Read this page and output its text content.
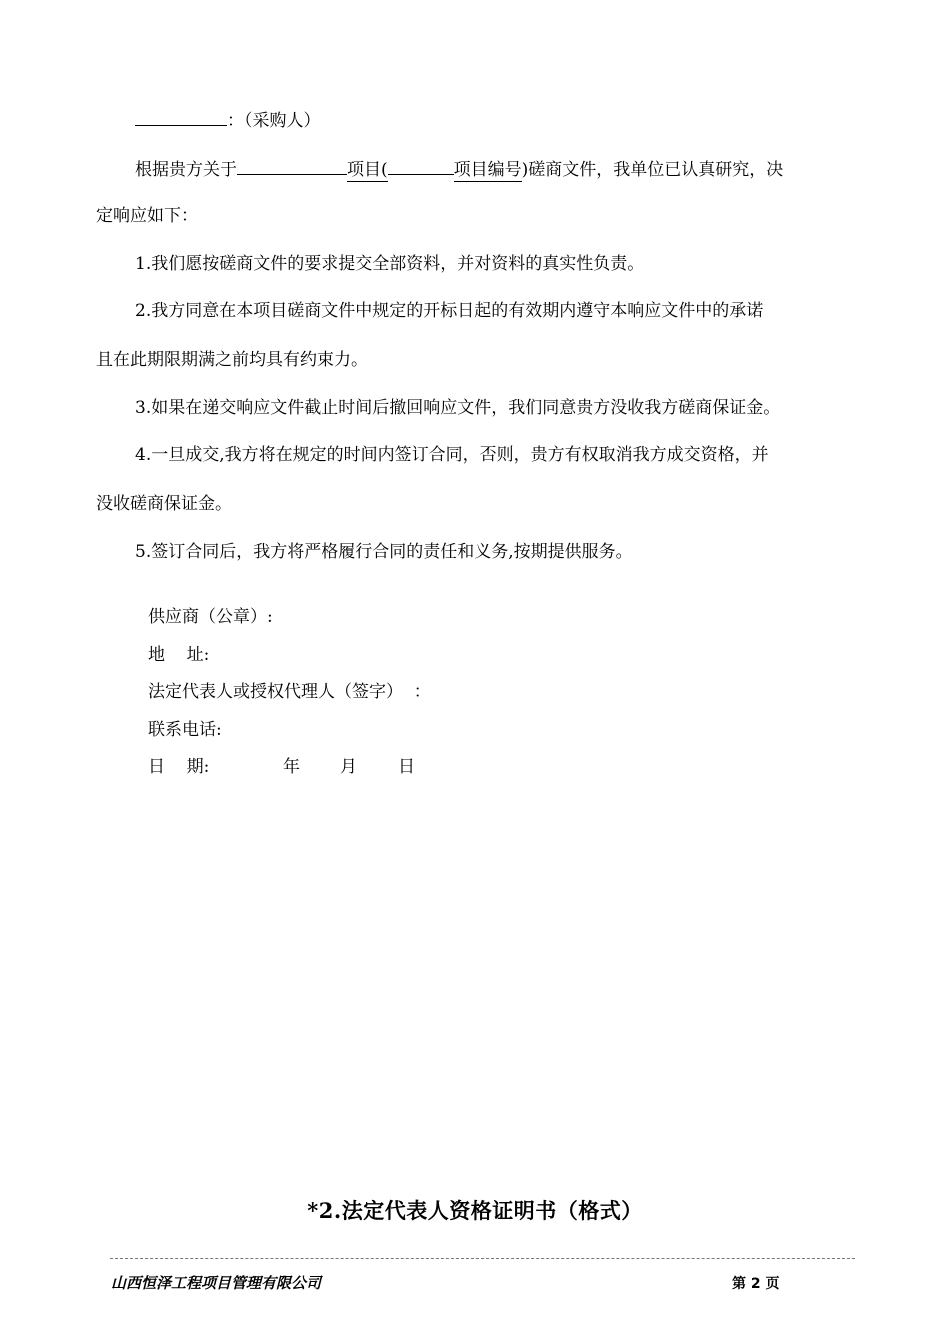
：（采购人）
根据贵方关于	项目(	项目编号)磋商文件，我单位已认真研究，决
定响应如下：
1.我们愿按磋商文件的要求提交全部资料，并对资料的真实性负责。
2.我方同意在本项目磋商文件中规定的开标日起的有效期内遵守本响应文件中的承诺
且在此期限期满之前均具有约束力。
3.如果在递交响应文件截止时间后撤回响应文件，我们同意贵方没收我方磋商保证金。
4.一旦成交,我方将在规定的时间内签订合同，否则，贵方有权取消我方成交资格，并
没收磋商保证金。
5.签订合同后，我方将严格履行合同的责任和义务,按期提供服务。
供应商（公章）:
地    址:
法定代表人或授权代理人（签字）  ：
联系电话:
日    期:	年 月 日
*2.法定代表人资格证明书（格式）
山西恒泽工程项目管理有限公司	第 2 页
